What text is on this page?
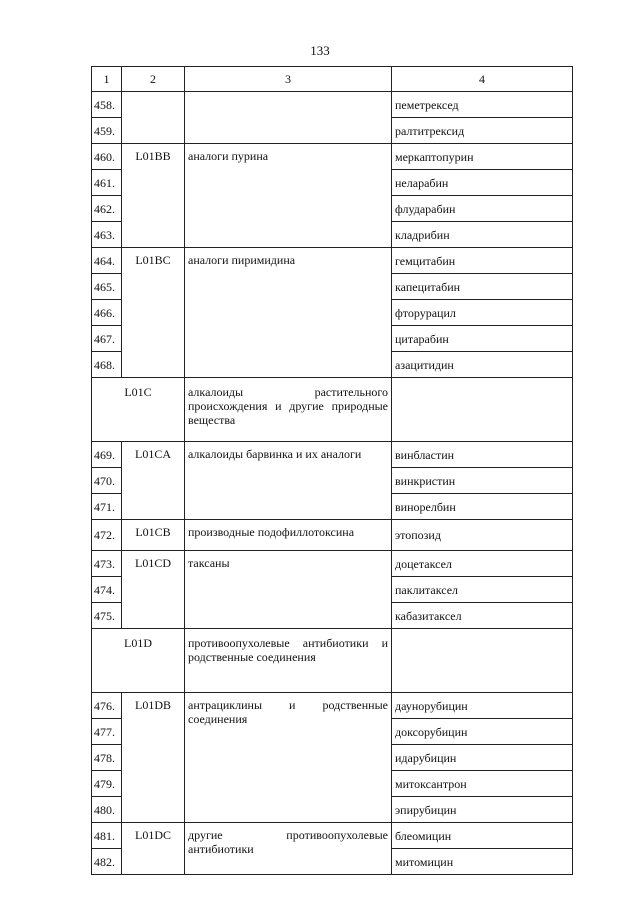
133
1	2	3	4
458.			пеметрексед
459.			ралтитрексид
460.	L01BB	аналоги пурина	меркаптопурин
461.			неларабин
462.			флударабин
463.			кладрибин
464.	L01BC	аналоги пиримидина	гемцитабин
465.			капецитабин
466.			фторурацил
467.			цитарабин
468.			азацитидин
L01C		алкалоиды растительного происхождения и другие природные вещества	
469.	L01CA	алкалоиды барвинка и их аналоги	винбластин
470.			винкристин
471.			винорелбин
472.	L01CB	производные подофиллотоксина	этопозид
473.	L01CD	таксаны	доцетаксел
474.			паклитаксел
475.			кабазитаксел
L01D		противоопухолевые антибиотики и родственные соединения	
476.	L01DB	антрациклины и родственные соединения	даунорубицин
477.			доксорубицин
478.			идарубицин
479.			митоксантрон
480.			эпирубицин
481.	L01DC	другие противоопухолевые антибиотики	блеомицин
482.			митомицин
